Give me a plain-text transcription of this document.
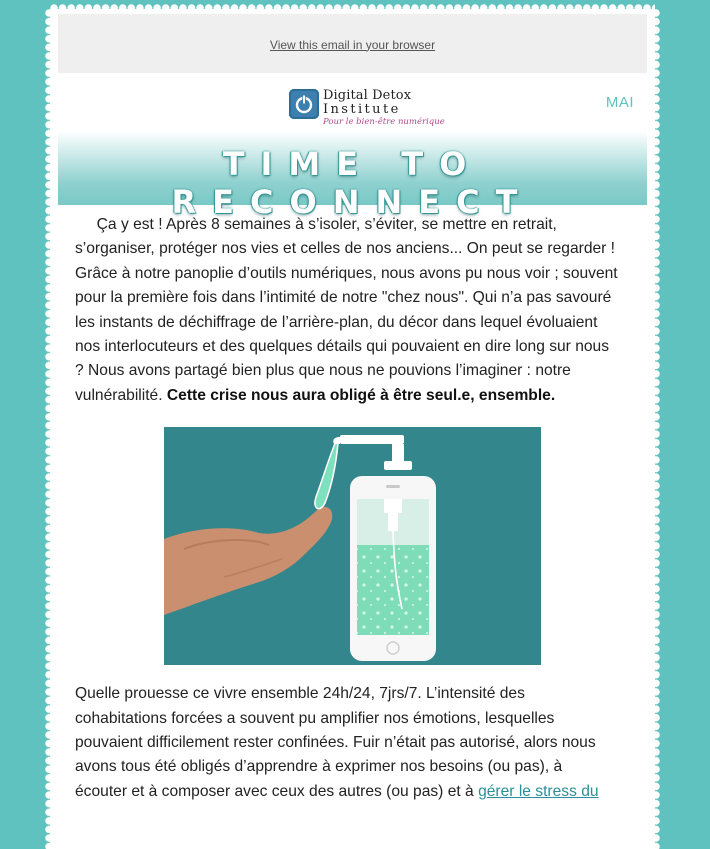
View this email in your browser
Digital Detox
Institute
Pour le bien-être numérique
MAI
TIME TO RECONNECT

Ça y est ! Après 8 semaines à s’isoler, s’éviter, se mettre en retrait, s’organiser, protéger nos vies et celles de nos anciens... On peut se regarder ! Grâce à notre panoplie d’outils numériques, nous avons pu nous voir ; souvent pour la première fois dans l’intimité de notre "chez nous". Qui n’a pas savouré les instants de déchiffrage de l’arrière-plan, du décor dans lequel évoluaient nos interlocuteurs et des quelques détails qui pouvaient en dire long sur nous ? Nous avons partagé bien plus que nous ne pouvions l’imaginer : notre vulnérabilité. Cette crise nous aura obligé à être seul.e, ensemble.

Quelle prouesse ce vivre ensemble 24h/24, 7jrs/7. L’intensité des cohabitations forcées a souvent pu amplifier nos émotions, lesquelles pouvaient difficilement rester confinées. Fuir n’était pas autorisé, alors nous avons tous été obligés d’apprendre à exprimer nos besoins (ou pas), à écouter et à composer avec ceux des autres (ou pas) et à gérer le stress du
